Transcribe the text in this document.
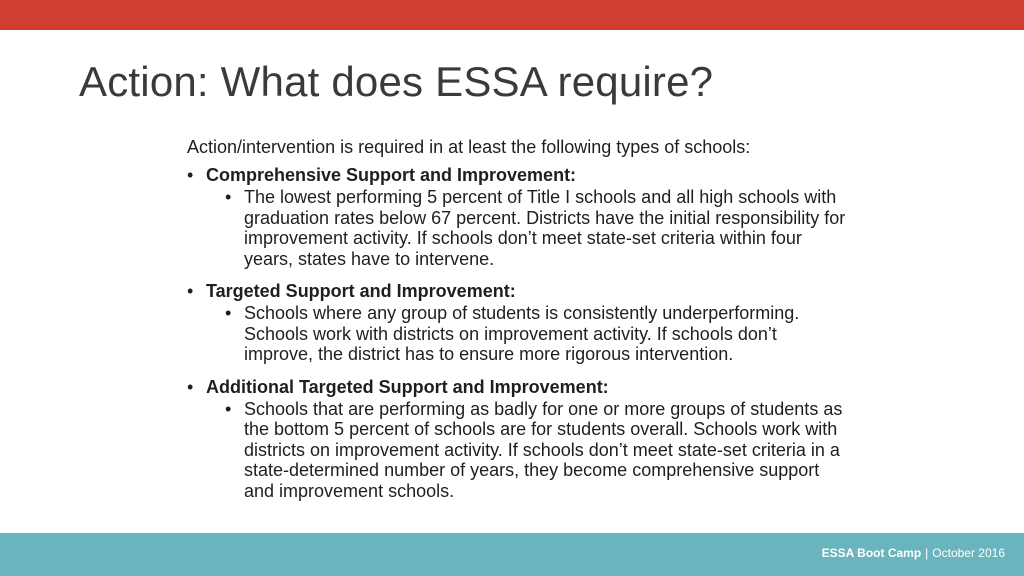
Action: What does ESSA require?
Action/intervention is required in at least the following types of schools:
•
Comprehensive Support and Improvement:
•
The lowest performing 5 percent of Title I schools and all high schools with graduation rates below 67 percent. Districts have the initial responsibility for improvement activity. If schools don’t meet state-set criteria within four years, states have to intervene.
•
Targeted Support and Improvement:
•
Schools where any group of students is consistently underperforming. Schools work with districts on improvement activity. If schools don’t improve, the district has to ensure more rigorous intervention.
•
Additional Targeted Support and Improvement:
•
Schools that are performing as badly for one or more groups of students as the bottom 5 percent of schools are for students overall. Schools work with districts on improvement activity. If schools don’t meet state-set criteria in a state-determined number of years, they become comprehensive support and improvement schools.
ESSA Boot Camp | October 2016
